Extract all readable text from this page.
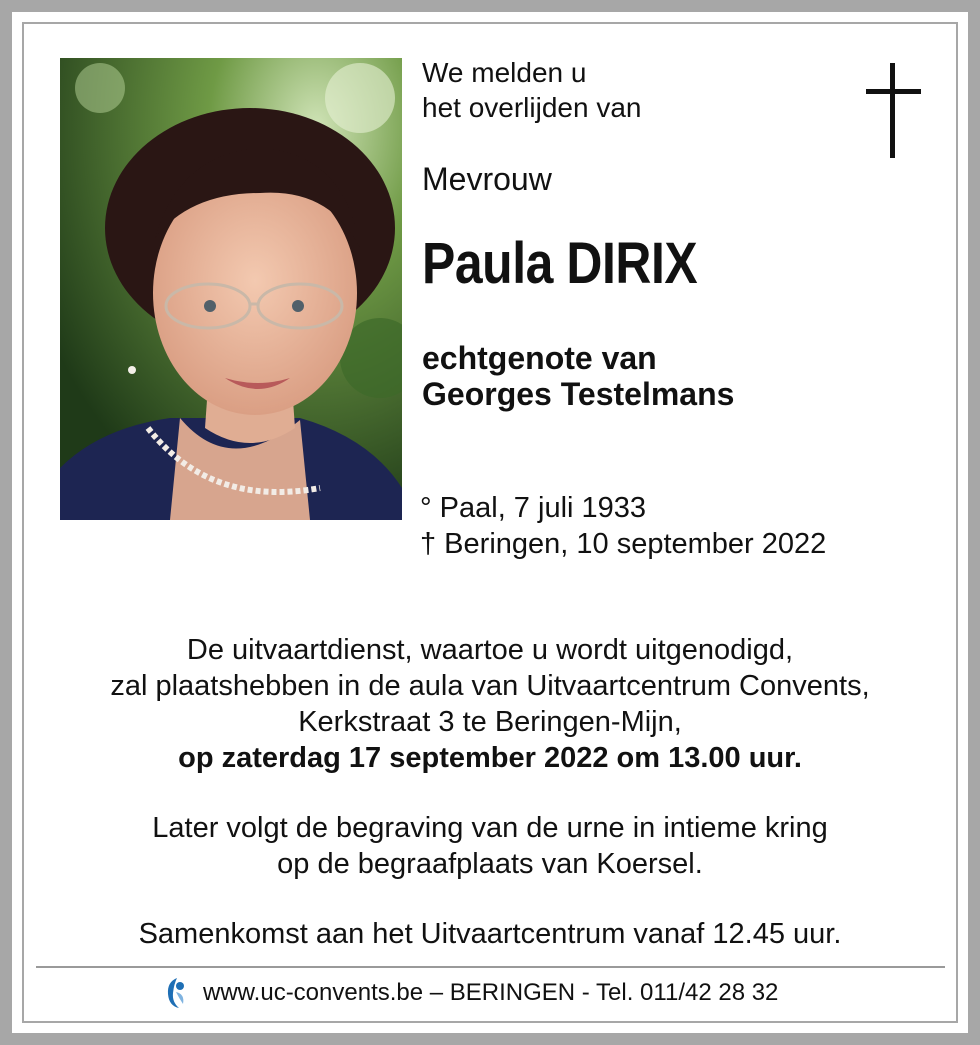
We melden u
het overlijden van
Mevrouw
Paula DIRIX
echtgenote van
Georges Testelmans
° Paal, 7 juli 1933
† Beringen, 10 september 2022
De uitvaartdienst, waartoe u wordt uitgenodigd,
zal plaatshebben in de aula van Uitvaartcentrum Convents,
Kerkstraat 3 te Beringen-Mijn,
op zaterdag 17 september 2022 om 13.00 uur.
Later volgt de begraving van de urne in intieme kring
op de begraafplaats van Koersel.
Samenkomst aan het Uitvaartcentrum vanaf 12.45 uur.
www.uc-convents.be – BERINGEN - Tel. 011/42 28 32
